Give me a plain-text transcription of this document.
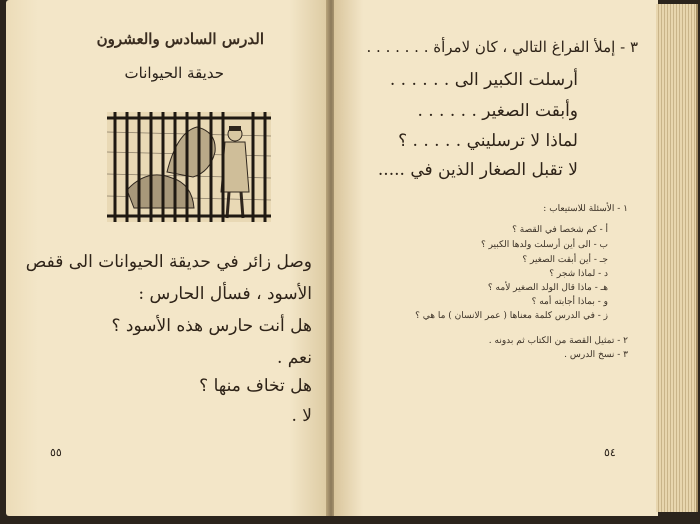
الدرس السادس والعشرون
حديقة الحيوانات
وصل زائر في حديقة الحيوانات الى قفص
الأسود ، فسأل الحارس :
هل أنت حارس هذه الأسود ؟
نعم .
هل تخاف منها ؟
لا .
٥٥
٣ - إملأ الفراغ التالي ، كان لامرأة . . . . . . .
أرسلت الكبير الى . . . . . .
وأبقت الصغير . . . . . .
لماذا لا ترسليني . . . . . ؟
لا تقبل الصغار الذين في .....
١ - الأسئلة للاستيعاب :
أ - كم شخصا في القصة ؟
ب - الى أين أرسلت ولدها الكبير ؟
جـ - أين أبقت الصغير ؟
د - لماذا شجر ؟
هـ - ماذا قال الولد الصغير لأمه ؟
و - بماذا أجابته أمه ؟
ز - في الدرس كلمة معناها ( عمر الانسان ) ما هي ؟
٢ - تمثيل القصة من الكتاب ثم بدونه .
٣ - نسخ الدرس .
٥٤
